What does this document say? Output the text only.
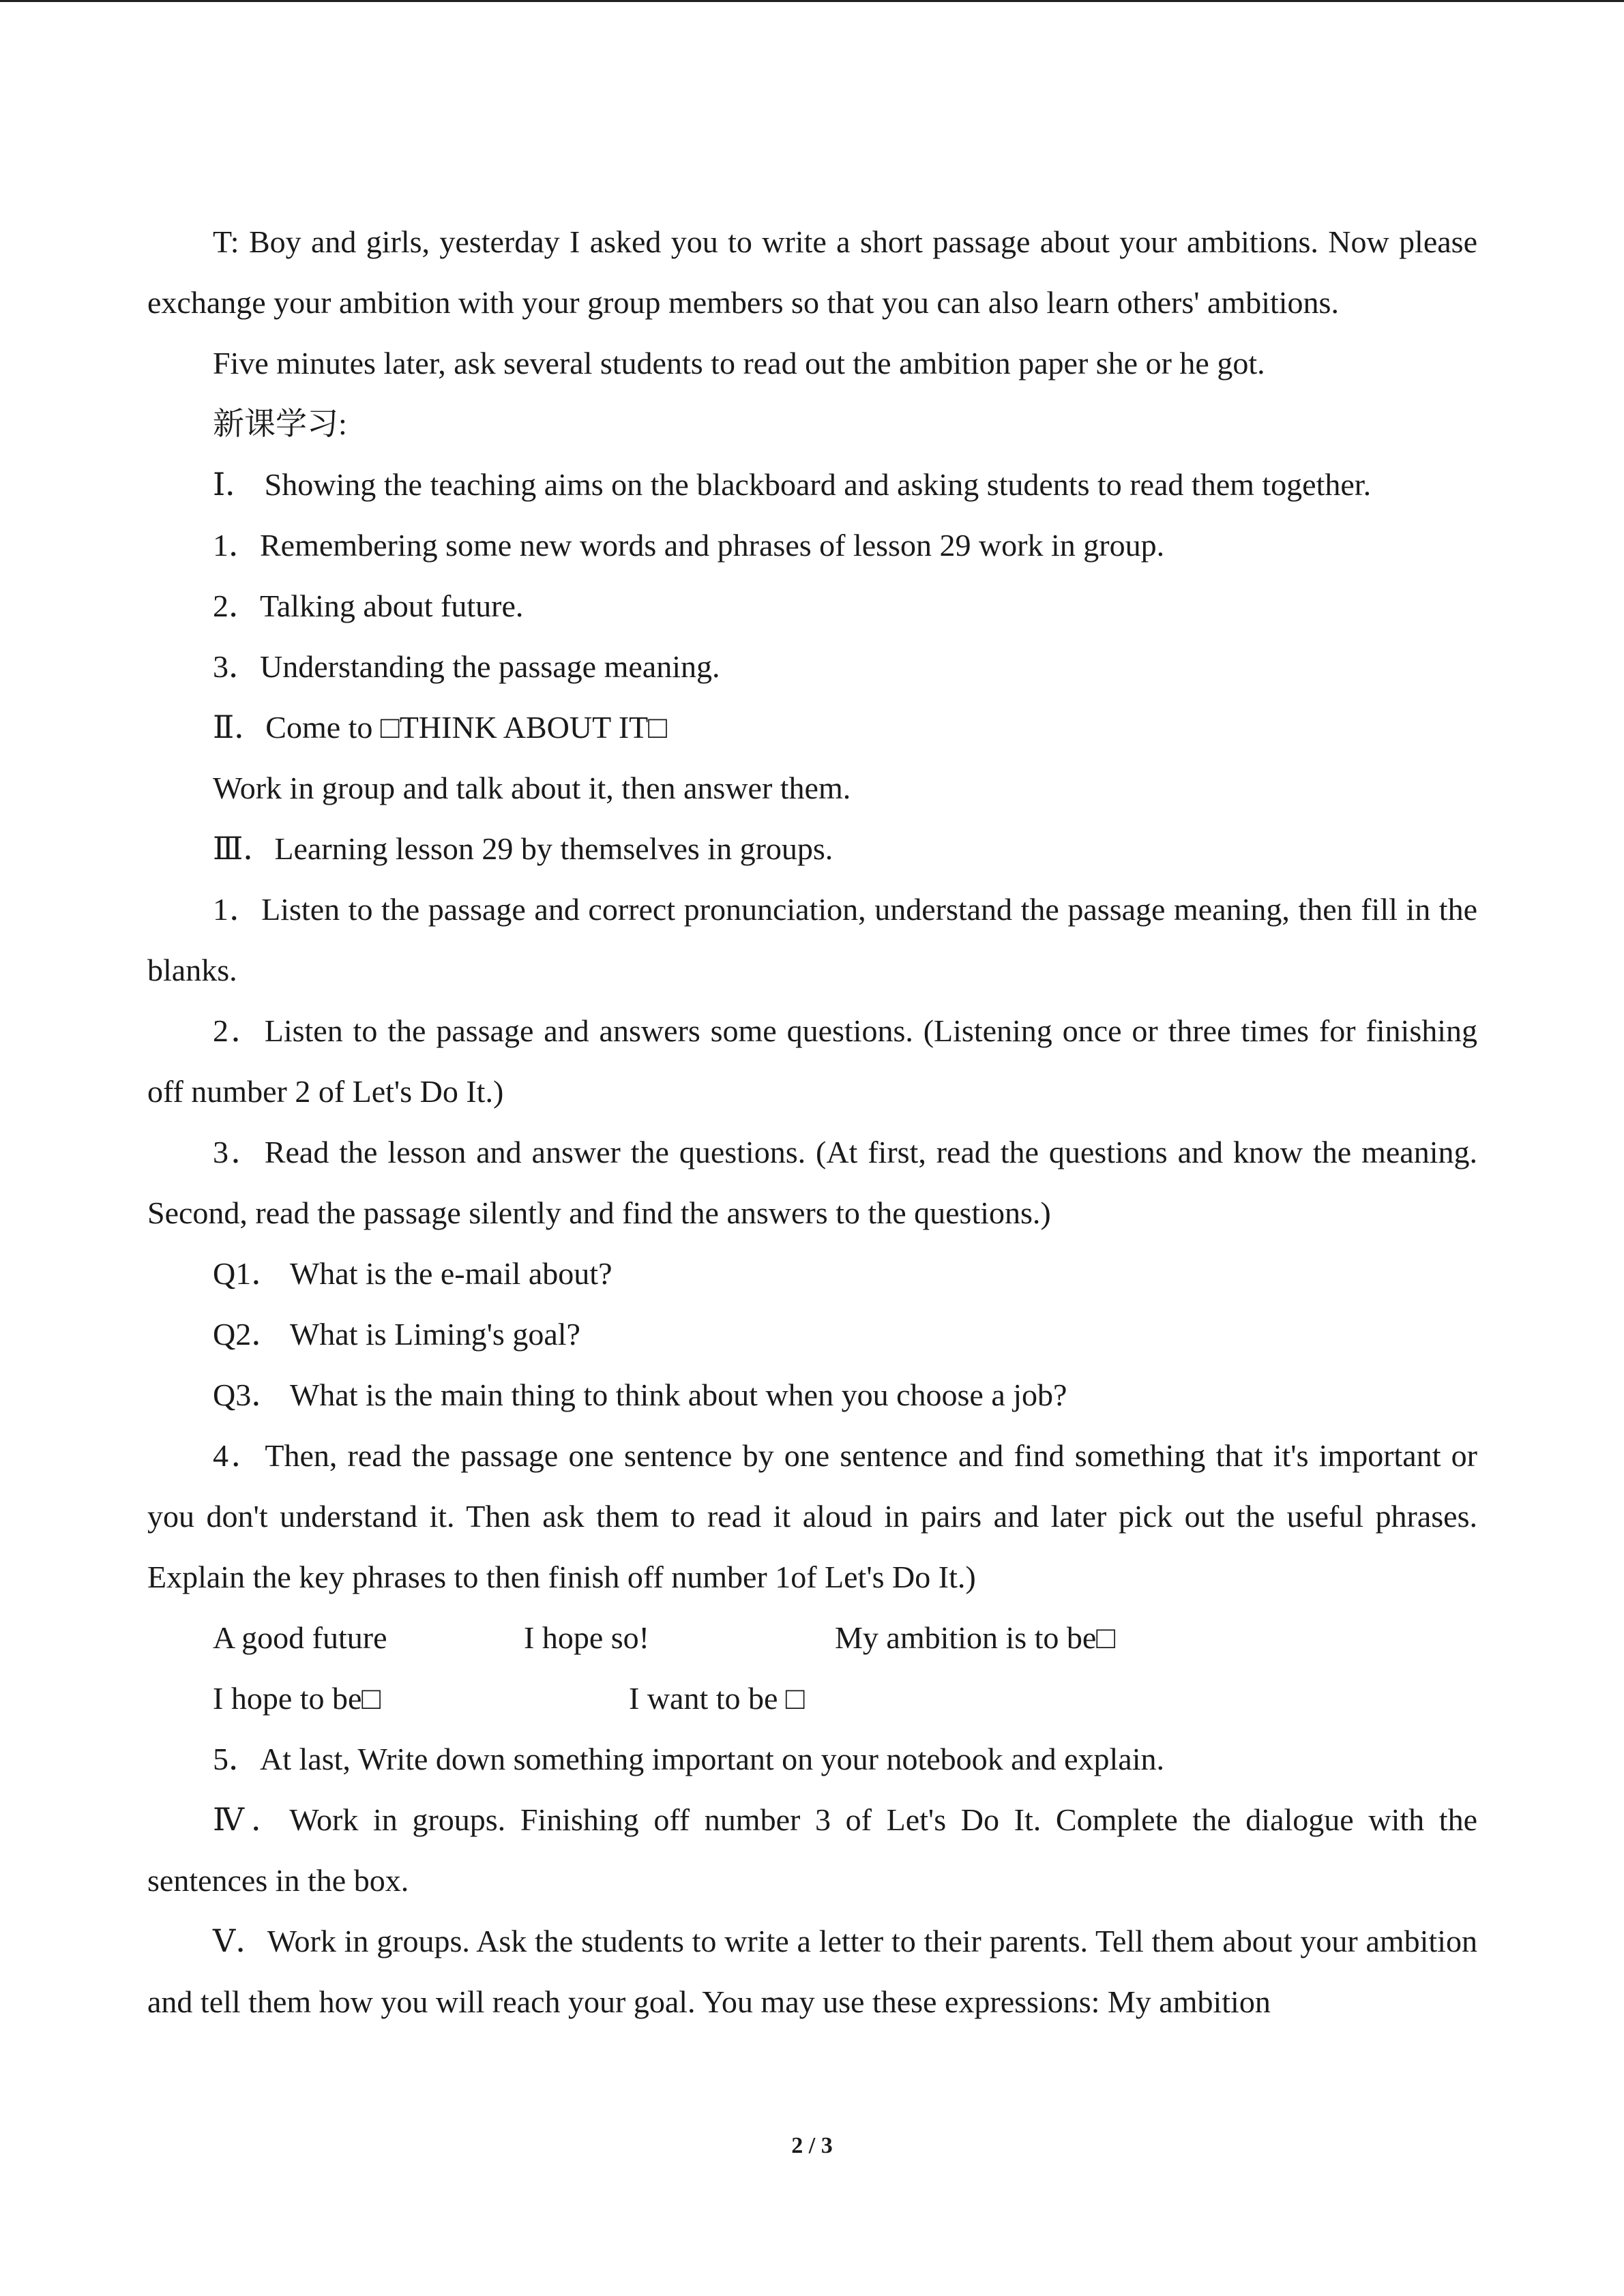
T: Boy and girls, yesterday I asked you to write a short passage about your ambitions. Now please exchange your ambition with your group members so that you can also learn others' ambitions.

Five minutes later, ask several students to read out the ambition paper she or he got.

新课学习:

Ⅰ． Showing the teaching aims on the blackboard and asking students to read them together.

1．Remembering some new words and phrases of lesson 29 work in group.

2．Talking about future.

3．Understanding the passage meaning.

Ⅱ．Come to □THINK ABOUT IT□

Work in group and talk about it, then answer them.

Ⅲ．Learning lesson 29 by themselves in groups.

1．Listen to the passage and correct pronunciation, understand the passage meaning, then fill in the blanks.

2．Listen to the passage and answers some questions. (Listening once or three times for finishing off number 2 of Let's Do It.)

3．Read the lesson and answer the questions. (At first, read the questions and know the meaning. Second, read the passage silently and find the answers to the questions.)

Q1． What is the e-mail about?

Q2． What is Liming's goal?

Q3． What is the main thing to think about when you choose a job?

4．Then, read the passage one sentence by one sentence and find something that it's important or you don't understand it. Then ask them to read it aloud in pairs and later pick out the useful phrases. Explain the key phrases to then finish off number 1of Let's Do It.)

A good future	I hope so!	My ambition is to be□
I hope to be□	I want to be □

5．At last, Write down something important on your notebook and explain.

Ⅳ．Work in groups. Finishing off number 3 of Let's Do It. Complete the dialogue with the sentences in the box.

Ⅴ．Work in groups. Ask the students to write a letter to their parents. Tell them about your ambition and tell them how you will reach your goal. You may use these expressions: My ambition

2 / 3
